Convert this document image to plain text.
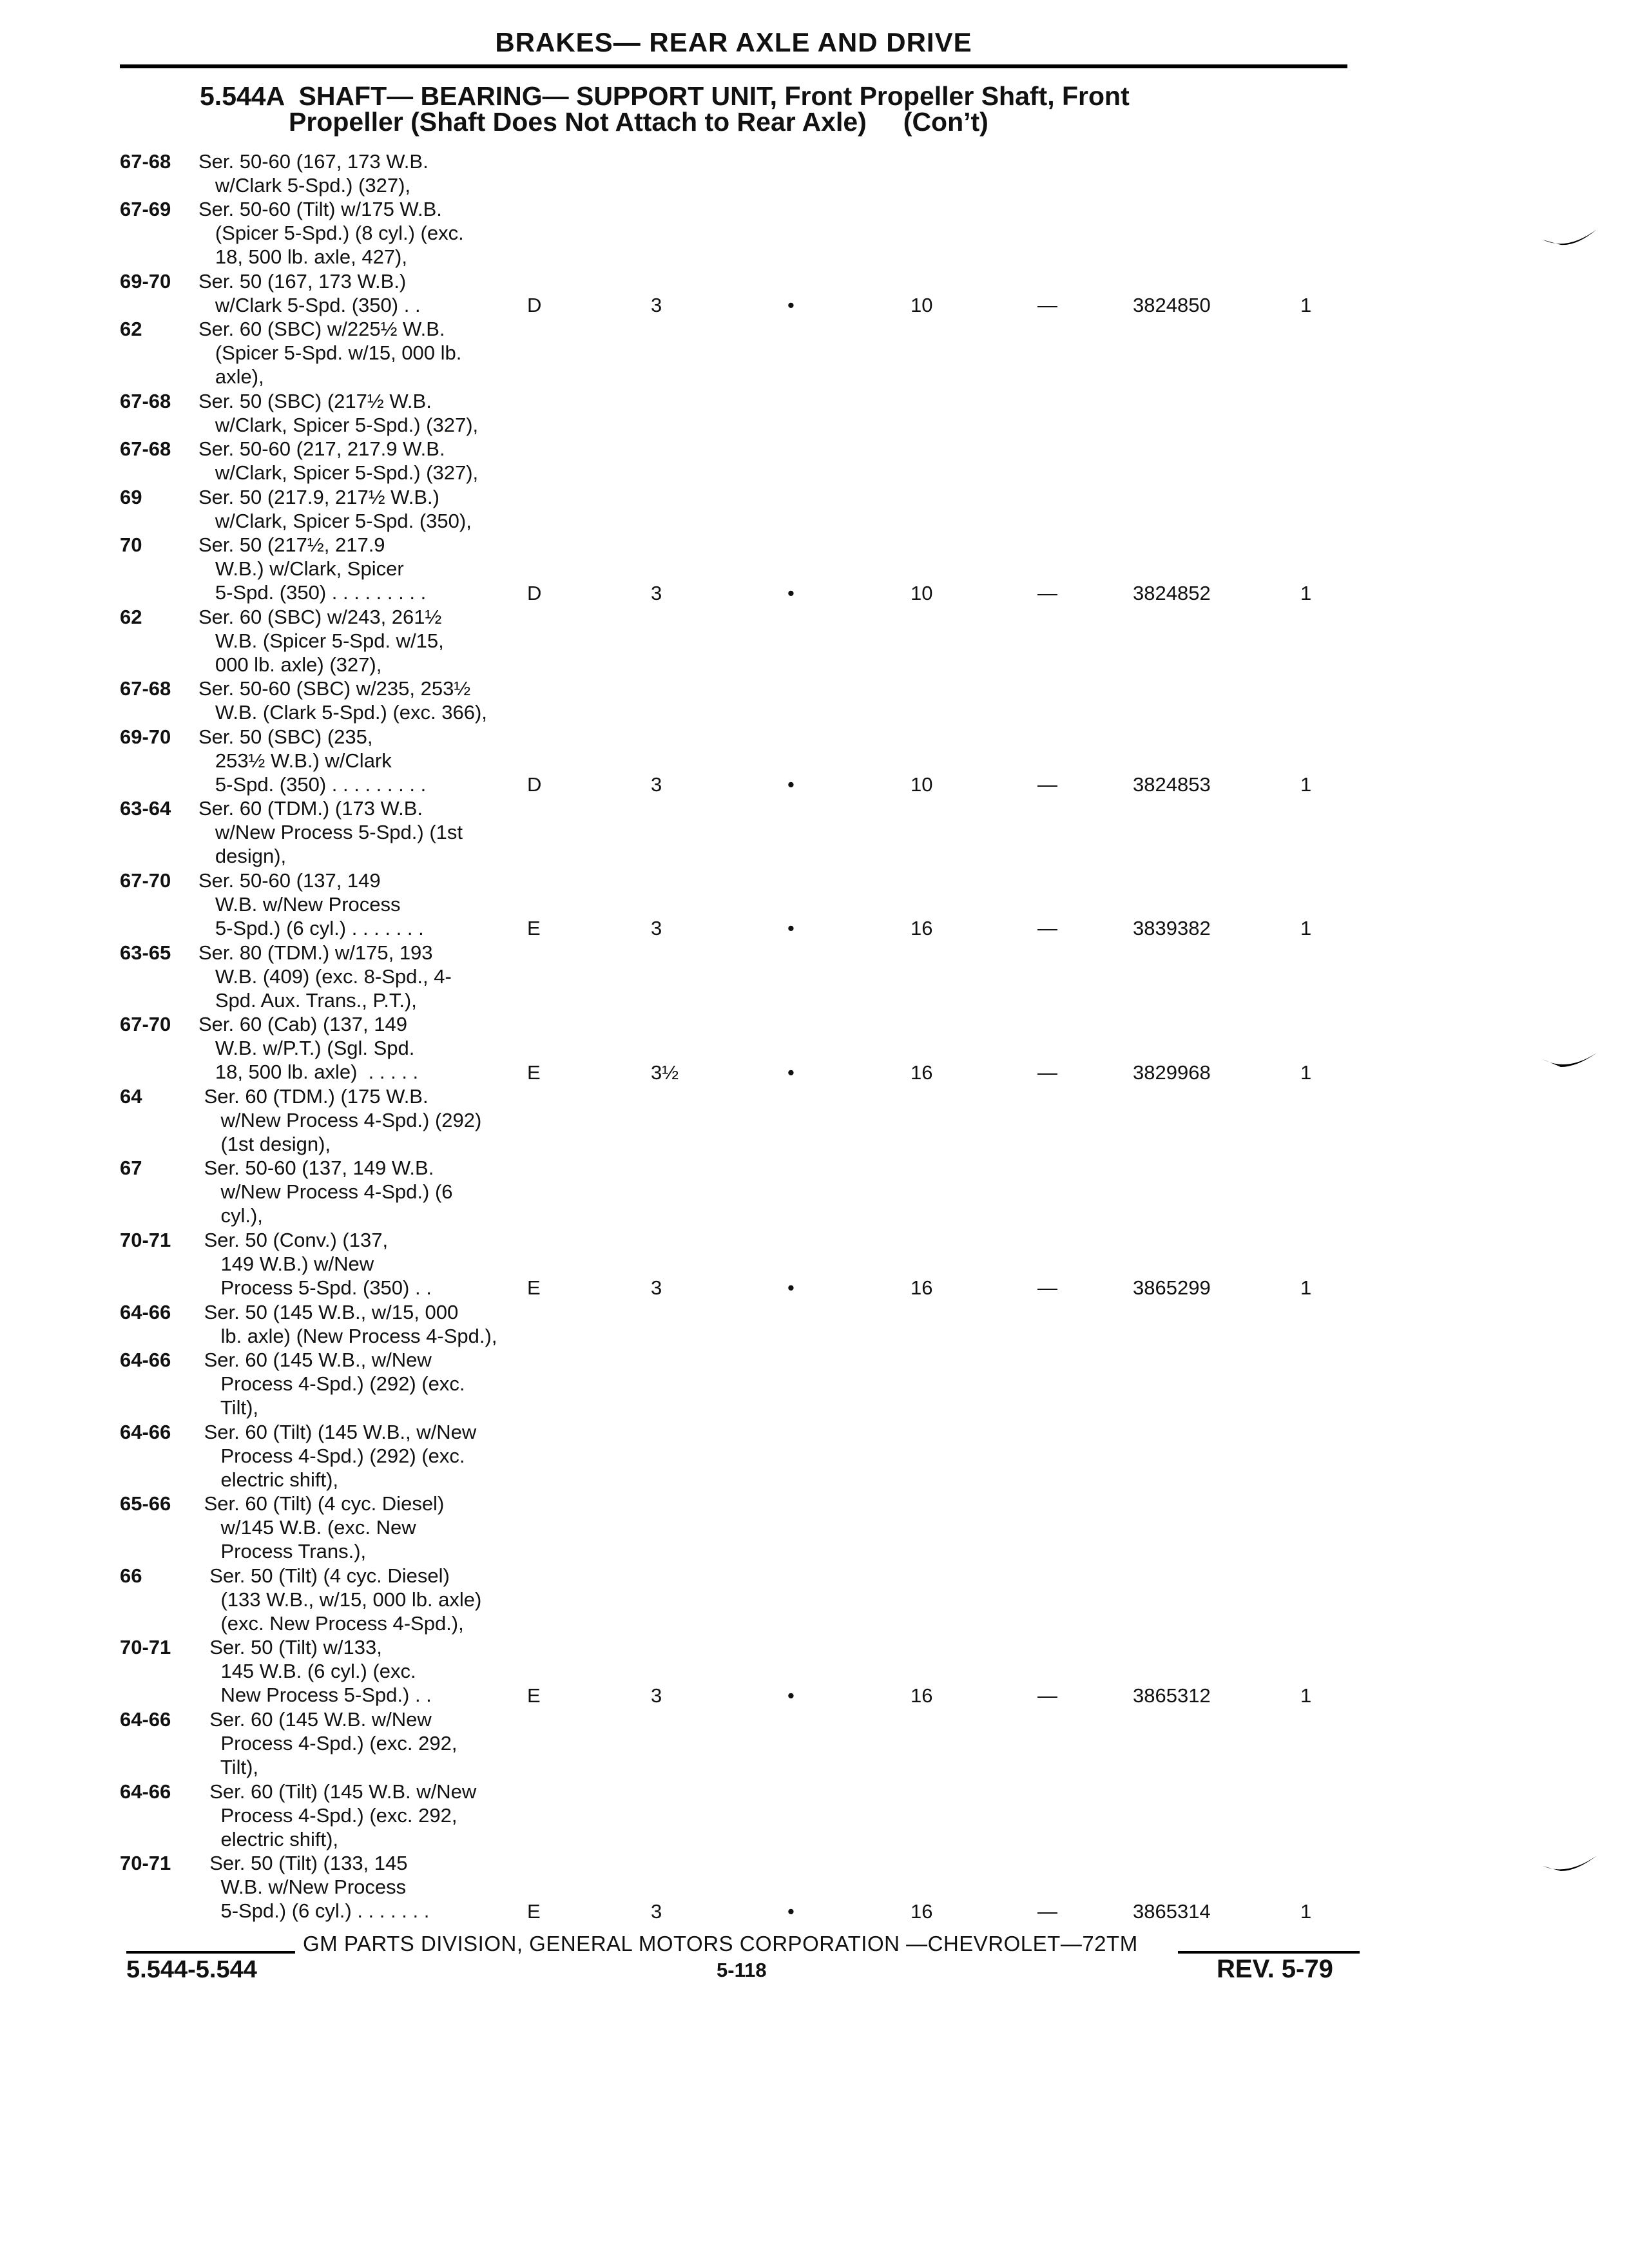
BRAKES— REAR AXLE AND DRIVE
5.544A  SHAFT— BEARING— SUPPORT UNIT, Front Propeller Shaft, Front
Propeller (Shaft Does Not Attach to Rear Axle)     (Con’t)
67-68 Ser. 50-60 (167, 173 W.B.
w/Clark 5-Spd.) (327),
67-69 Ser. 50-60 (Tilt) w/175 W.B.
(Spicer 5-Spd.) (8 cyl.) (exc.
18, 500 lb. axle, 427),
69-70 Ser. 50 (167, 173 W.B.)
w/Clark 5-Spd. (350) . .	D	3	•	10	—	3824850	1
62	Ser. 60 (SBC) w/225½ W.B.
(Spicer 5-Spd. w/15, 000 lb.
axle),
67-68 Ser. 50 (SBC) (217½ W.B.
w/Clark, Spicer 5-Spd.) (327),
67-68 Ser. 50-60 (217, 217.9 W.B.
w/Clark, Spicer 5-Spd.) (327),
69	Ser. 50 (217.9, 217½ W.B.)
w/Clark, Spicer 5-Spd. (350),
70	Ser. 50 (217½, 217.9
W.B.) w/Clark, Spicer
5-Spd. (350) . . . . . . . . .	D	3	•	10	—	3824852	1
62	Ser. 60 (SBC) w/243, 261½
W.B. (Spicer 5-Spd. w/15,
000 lb. axle) (327),
67-68 Ser. 50-60 (SBC) w/235, 253½
W.B. (Clark 5-Spd.) (exc. 366),
69-70 Ser. 50 (SBC) (235,
253½ W.B.) w/Clark
5-Spd. (350) . . . . . . . . .	D	3	•	10	—	3824853	1
63-64 Ser. 60 (TDM.) (173 W.B.
w/New Process 5-Spd.) (1st
design),
67-70 Ser. 50-60 (137, 149
W.B. w/New Process
5-Spd.) (6 cyl.) . . . . . . .	E	3	•	16	—	3839382	1
63-65 Ser. 80 (TDM.) w/175, 193
W.B. (409) (exc. 8-Spd., 4-
Spd. Aux. Trans., P.T.),
67-70 Ser. 60 (Cab) (137, 149
W.B. w/P.T.) (Sgl. Spd.
18, 500 lb. axle)  . . . . .	E	3½	•	16	—	3829968	1
64	Ser. 60 (TDM.) (175 W.B.
w/New Process 4-Spd.) (292)
(1st design),
67	Ser. 50-60 (137, 149 W.B.
w/New Process 4-Spd.) (6
cyl.),
70-71 Ser. 50 (Conv.) (137,
149 W.B.) w/New
Process 5-Spd. (350) . .	E	3	•	16	—	3865299	1
64-66 Ser. 50 (145 W.B., w/15, 000
lb. axle) (New Process 4-Spd.),
64-66 Ser. 60 (145 W.B., w/New
Process 4-Spd.) (292) (exc.
Tilt),
64-66 Ser. 60 (Tilt) (145 W.B., w/New
Process 4-Spd.) (292) (exc.
electric shift),
65-66 Ser. 60 (Tilt) (4 cyc. Diesel)
w/145 W.B. (exc. New
Process Trans.),
66	Ser. 50 (Tilt) (4 cyc. Diesel)
(133 W.B., w/15, 000 lb. axle)
(exc. New Process 4-Spd.),
70-71	Ser. 50 (Tilt) w/133,
145 W.B. (6 cyl.) (exc.
New Process 5-Spd.) . .	E	3	•	16	—	3865312	1
64-66	Ser. 60 (145 W.B. w/New
Process 4-Spd.) (exc. 292,
Tilt),
64-66	Ser. 60 (Tilt) (145 W.B. w/New
Process 4-Spd.) (exc. 292,
electric shift),
70-71	Ser. 50 (Tilt) (133, 145
W.B. w/New Process
5-Spd.) (6 cyl.) . . . . . . .	E	3	•	16	—	3865314	1
GM PARTS DIVISION, GENERAL MOTORS CORPORATION —CHEVROLET—72TM
5.544-5.544	5-118	REV. 5-79
